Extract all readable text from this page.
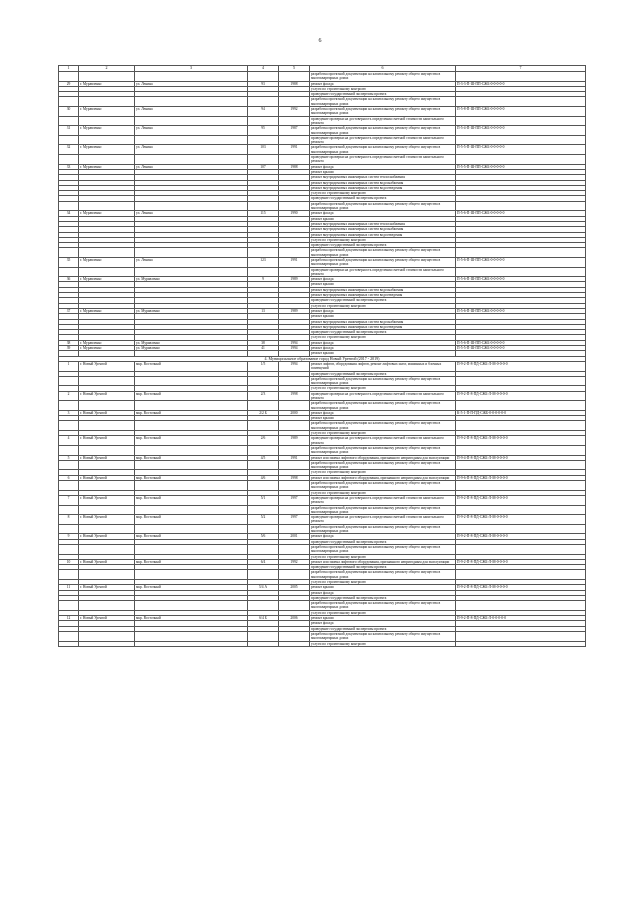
6
1	2	3	4	5	6	7
					разработка проектной документации на капитальному ремонту общего имущества в многоквартирных домах	
29	г. Муравленко	ул. Ленина	93	1988	ремонт фасада	П-3-3-П-Ш-ПП-СЖБ-0-0-0-0-0
					услуги по строительному контролю	
					проведение государственной экспертизы проекта	
					разработка проектной документации на капитальному ремонту общего имущества в многоквартирных домах	
30	г. Муравленко	ул. Ленина	94	1992	разработка проектной документации на капитальному ремонту общего имущества в многоквартирных домах	П-5-8-П-Ш-ПП-СЖБ-0-0-0-0-0
					проведение проверки на достоверность определения сметной стоимости капитального ремонта	
31	г. Муравленко	ул. Ленина	95	1987	разработка проектной документации на капитальному ремонту общего имущества в многоквартирных домах	П-5-4-П-Ш-ПП-СЖБ-0-0-0-0-0
					проведение проверки на достоверность определения сметной стоимости капитального ремонта	
32	г. Муравленко	ул. Ленина	103	1991	разработка проектной документации на капитальному ремонту общего имущества в многоквартирных домах	П-5-5-П-Ш-ПП-СЖБ-0-0-0-0-0
					проведение проверки на достоверность определения сметной стоимости капитального ремонта	
33	г. Муравленко	ул. Ленина	107	1988	ремонт фасада	П-5-5-П-Ш-ПП-СЖБ-0-0-0-0-0
					ремонт крыши	
					ремонт внутридомовых инженерных систем теплоснабжения	
					ремонт внутридомовых инженерных систем водоснабжения	
					ремонт внутридомовых инженерных систем водоотведения	
					услуги по строительному контролю	
					проведение государственной экспертизы проекта	
					разработка проектной документации на капитальному ремонту общего имущества в многоквартирных домах	
34	г. Муравленко	ул. Ленина	115	1990	ремонт фасада	П-5-6-П-Ш-ПП-СЖБ-0-0-0-0-0
					ремонт крыши	
					ремонт внутридомовых инженерных систем теплоснабжения	
					ремонт внутридомовых инженерных систем водоснабжения	
					ремонт внутридомовых инженерных систем водоотведения	
					услуги по строительному контролю	
					проведение государственной экспертизы проекта	
					разработка проектной документации на капитальному ремонту общего имущества в многоквартирных домах	
35	г. Муравленко	ул. Ленина	123	1991	разработка проектной документации на капитальному ремонту общего имущества в многоквартирных домах	П-5-6-П-Ш-ПП-СЖБ-0-0-0-0-0
					проведение проверки на достоверность определения сметной стоимости капитального ремонта	
36	г. Муравленко	ул. Муравленко	9	1989	ремонт фасада	П-5-6-П-Ш-ПП-СЖБ-0-0-0-0-0
					ремонт крыши	
					ремонт внутридомовых инженерных систем водоснабжения	
					ремонт внутридомовых инженерных систем водоотведения	
					проведение государственной экспертизы проекта	
					услуги по строительному контролю	
37	г. Муравленко	ул. Муравленко	13	1989	ремонт фасада	П-5-6-П-Ш-ПП-СЖБ-0-0-0-0-0
					ремонт крыши	
					ремонт внутридомовых инженерных систем водоснабжения	
					ремонт внутридомовых инженерных систем водоотведения	
					проведение государственной экспертизы проекта	
					услуги по строительному контролю	
38	г. Муравленко	ул. Муравленко	38	1994	ремонт фасада	П-5-6-П-Ш-ПП-СЖБ-0-0-0-0-0
39	г. Муравленко	ул. Муравленко	41	1994	ремонт фасада	П-5-5-П-Ш-ПП-СЖБ-0-0-0-0-0
					ремонт крыши	
4. Муниципальное образование город Новый Уренгой (2017 - 2019)						
1	г. Новый Уренгой	мкр. Восточный	1/5	1994	ремонт лифтов, оборудования лифтов, ремонт лифтовых шахт, машинных и блочных помещений	П-9-2-П-8-ПД-СЖБ-Л-М-0-0-0-0
					проведение государственной экспертизы проекта	
					разработка проектной документации на капитальному ремонту общего имущества в многоквартирных домах	
					услуги по строительному контролю	
2	г. Новый Уренгой	мкр. Восточный	2/3	1998	проведение проверки на достоверность определения сметной стоимости капитального ремонта	П-9-2-П-8-ПД-СЖБ-Л-М-0-0-0-0
					разработка проектной документации на капитальному ремонту общего имущества в многоквартирных домах	
3	г. Новый Уренгой	мкр. Восточный	2/2 Б	2000	ремонт фасада	К-5-1-П-П-ПД-СЖБ-0-0-0-0-0-0
					ремонт крыши	
					разработка проектной документации на капитальному ремонту общего имущества в многоквартирных домах	
					услуги по строительному контролю	
4	г. Новый Уренгой	мкр. Восточный	2/6	1989	проведение проверки на достоверность определения сметной стоимости капитального ремонта	П-9-2-П-8-ПД-СЖБ-Л-М-0-0-0-0
					разработка проектной документации на капитальному ремонту общего имущества в многоквартирных домах	
5	г. Новый Уренгой	мкр. Восточный	4/5	1991	ремонт или замена лифтового оборудования, признанного непригодным для эксплуатации	П-9-4-П-8-ПД-СЖБ-Л-М-0-0-0-0
					разработка проектной документации на капитальному ремонту общего имущества в многоквартирных домах	
					услуги по строительному контролю	
6	г. Новый Уренгой	мкр. Восточный	4/6	1998	ремонт или замена лифтового оборудования, признанного непригодным для эксплуатации	П-9-6-П-8-ПД-СЖБ-Л-М-0-0-0-0
					разработка проектной документации на капитальному ремонту общего имущества в многоквартирных домах	
					услуги по строительному контролю	
7	г. Новый Уренгой	мкр. Восточный	5/1	1997	проведение проверки на достоверность определения сметной стоимости капитального ремонта	П-9-2-П-8-ПД-СЖБ-Л-М-0-0-0-0
					разработка проектной документации на капитальному ремонту общего имущества в многоквартирных домах	
8	г. Новый Уренгой	мкр. Восточный	5/2	1997	проведение проверки на достоверность определения сметной стоимости капитального ремонта	П-9-2-П-8-ПД-СЖБ-Л-М-0-0-0-0
					разработка проектной документации на капитальному ремонту общего имущества в многоквартирных домах	
9	г. Новый Уренгой	мкр. Восточный	5/6	2001	ремонт фасада	П-9-2-П-8-ПД-СЖБ-Л-М-0-0-0-0
					проведение государственной экспертизы проекта	
					разработка проектной документации на капитальному ремонту общего имущества в многоквартирных домах	
					услуги по строительному контролю	
10	г. Новый Уренгой	мкр. Восточный	6/4	1992	ремонт или замена лифтового оборудования, признанного непригодным для эксплуатации	П-9-2-П-8-ПД-СЖБ-Л-М-0-0-0-0
					проведение государственной экспертизы проекта	
					разработка проектной документации на капитальному ремонту общего имущества в многоквартирных домах	
					услуги по строительному контролю	
11	г. Новый Уренгой	мкр. Восточный	5/4 А	2005	ремонт крыши	П-9-2-П-8-ПД-СЖБ-Л-М-0-0-0-0
					ремонт фасада	
					проведение государственной экспертизы проекта	
					разработка проектной документации на капитальному ремонту общего имущества в многоквартирных домах	
					услуги по строительному контролю	
12	г. Новый Уренгой	мкр. Восточный	6/4 Б	2006	ремонт крыши	П-9-2-П-8-ПД-СЖБ-Л-0-0-0-0-0
					ремонт фасада	
					проведение государственной экспертизы проекта	
					разработка проектной документации на капитальному ремонту общего имущества в многоквартирных домах	
					услуги по строительному контролю	
